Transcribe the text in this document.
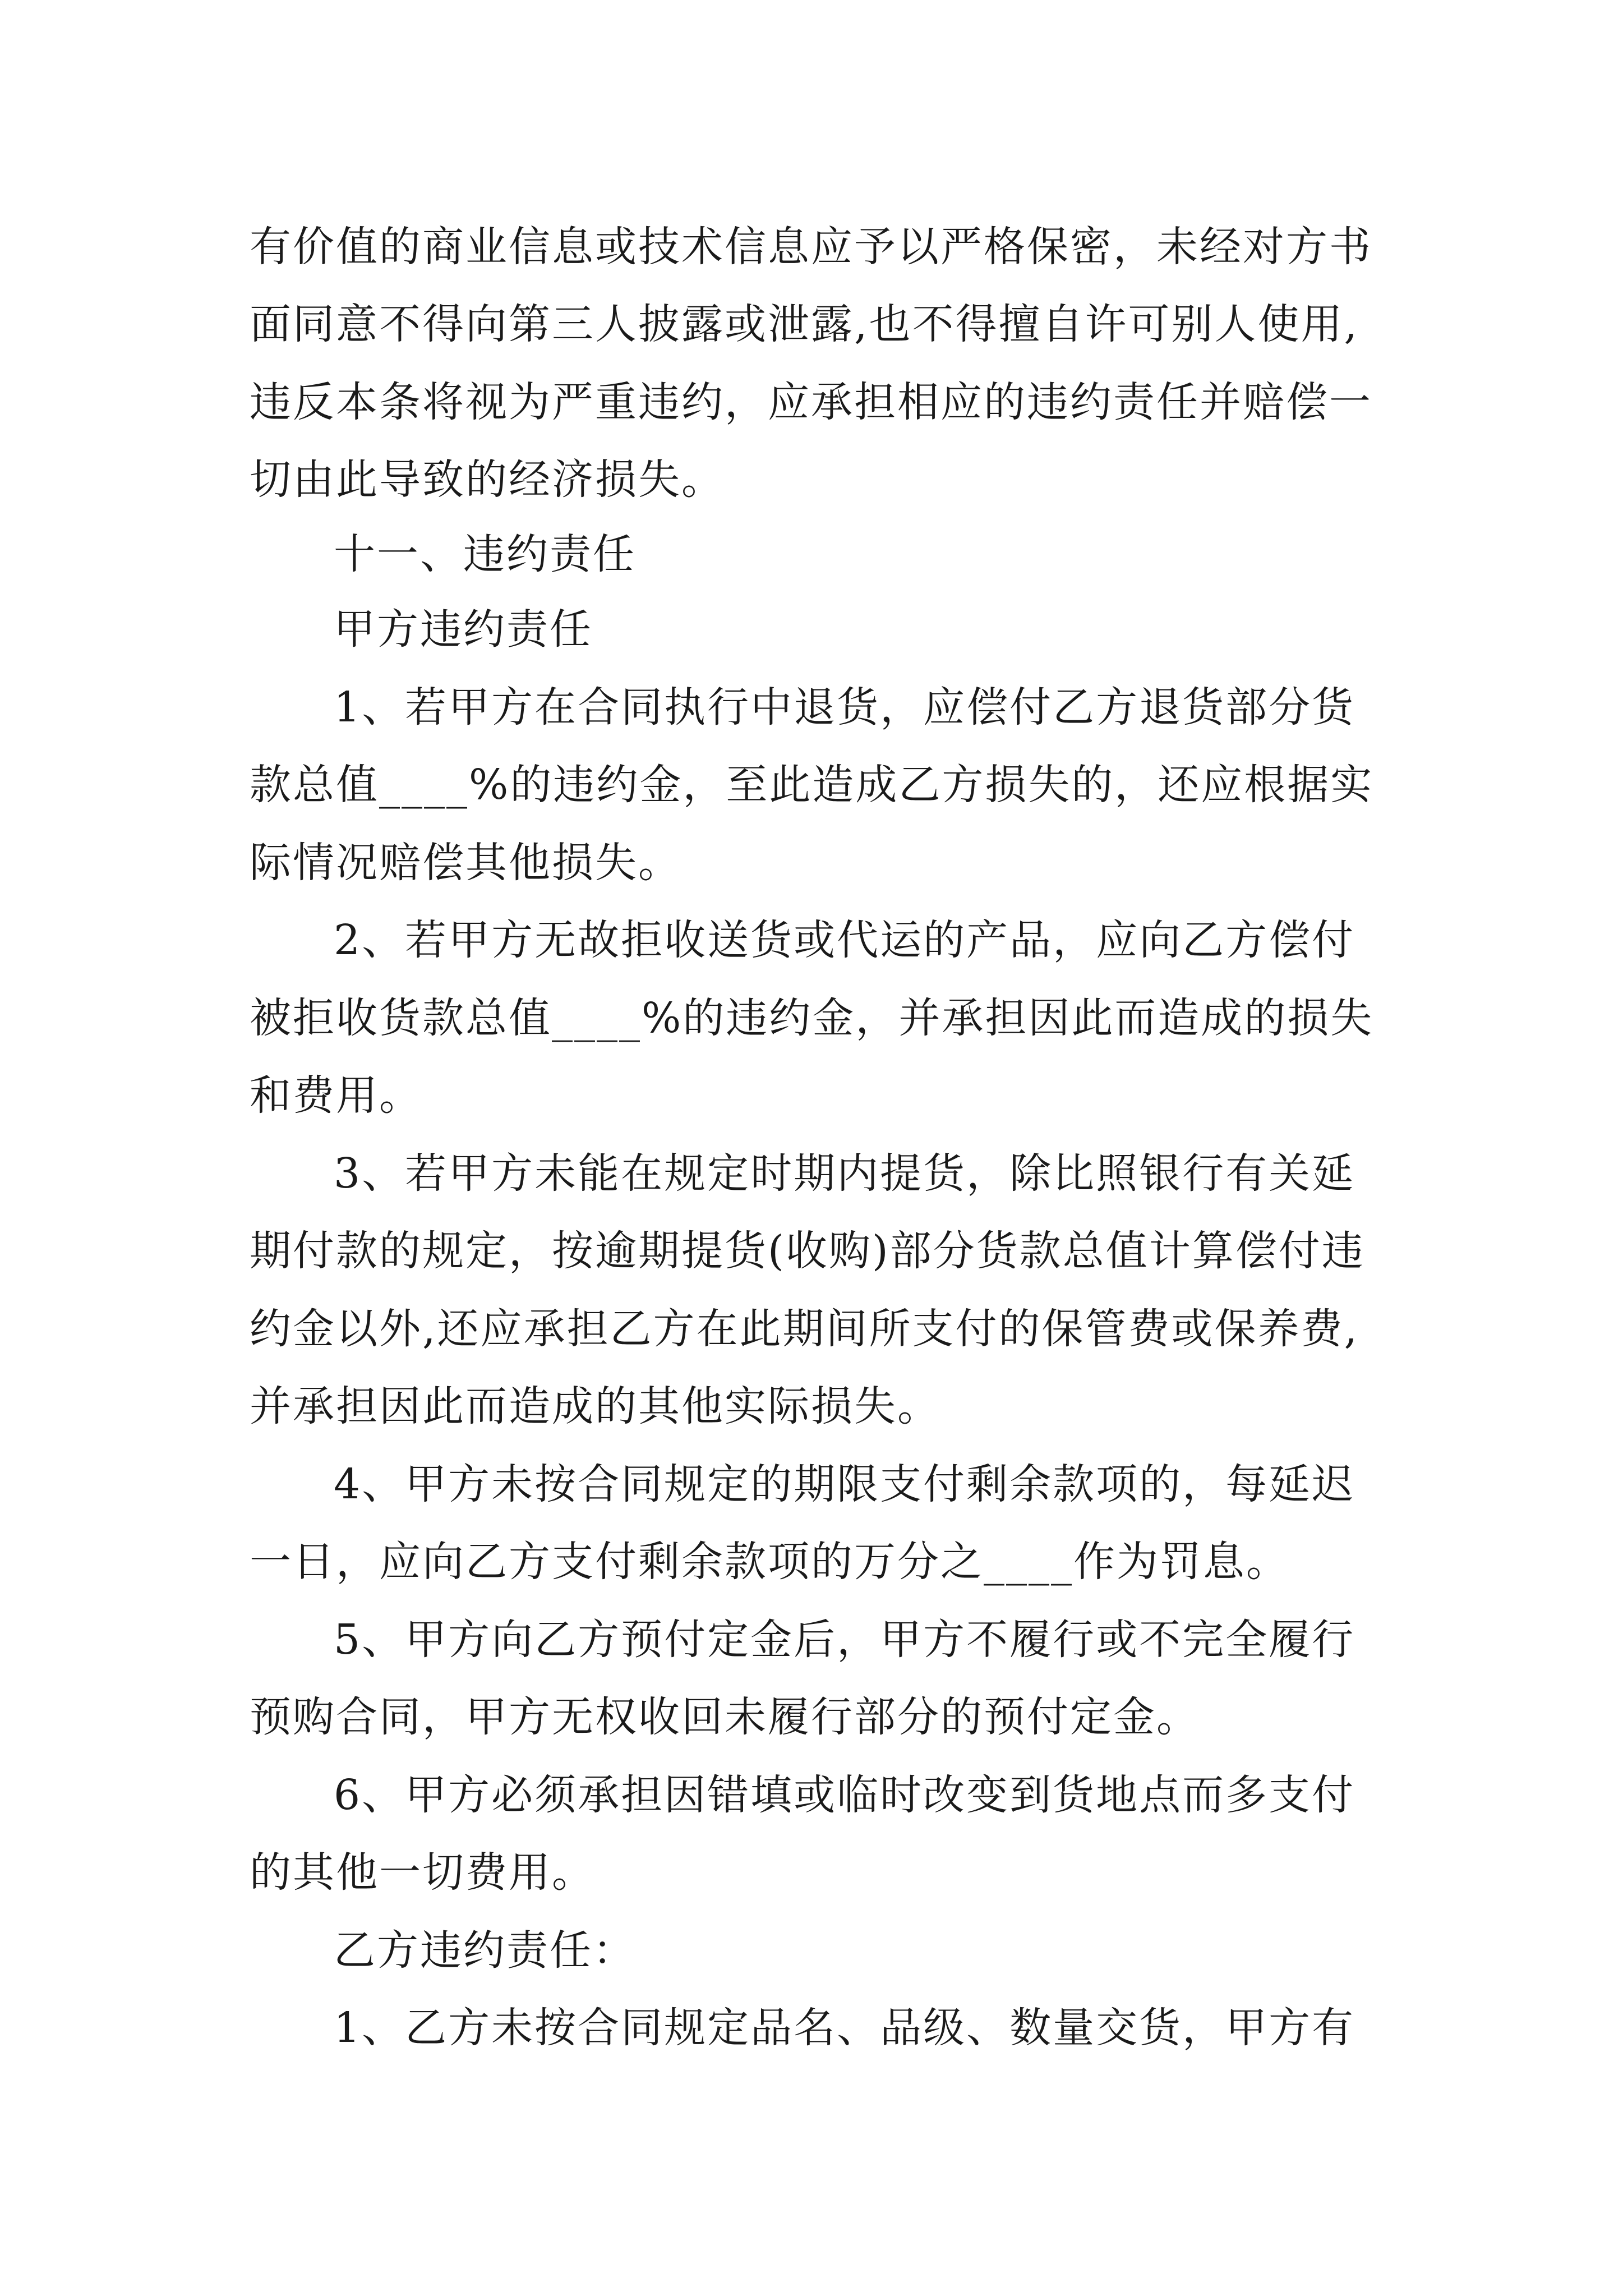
有价值的商业信息或技术信息应予以严格保密，未经对方书
面同意不得向第三人披露或泄露,也不得擅自许可别人使用,
违反本条将视为严重违约，应承担相应的违约责任并赔偿一
切由此导致的经济损失。
十一、违约责任
甲方违约责任
1、若甲方在合同执行中退货，应偿付乙方退货部分货
款总值____%的违约金，至此造成乙方损失的，还应根据实
际情况赔偿其他损失。
2、若甲方无故拒收送货或代运的产品，应向乙方偿付
被拒收货款总值____%的违约金，并承担因此而造成的损失
和费用。
3、若甲方未能在规定时期内提货，除比照银行有关延
期付款的规定，按逾期提货(收购)部分货款总值计算偿付违
约金以外,还应承担乙方在此期间所支付的保管费或保养费,
并承担因此而造成的其他实际损失。
4、甲方未按合同规定的期限支付剩余款项的，每延迟
一日，应向乙方支付剩余款项的万分之____作为罚息。
5、甲方向乙方预付定金后，甲方不履行或不完全履行
预购合同，甲方无权收回未履行部分的预付定金。
6、甲方必须承担因错填或临时改变到货地点而多支付
的其他一切费用。
乙方违约责任：
1、乙方未按合同规定品名、品级、数量交货，甲方有
